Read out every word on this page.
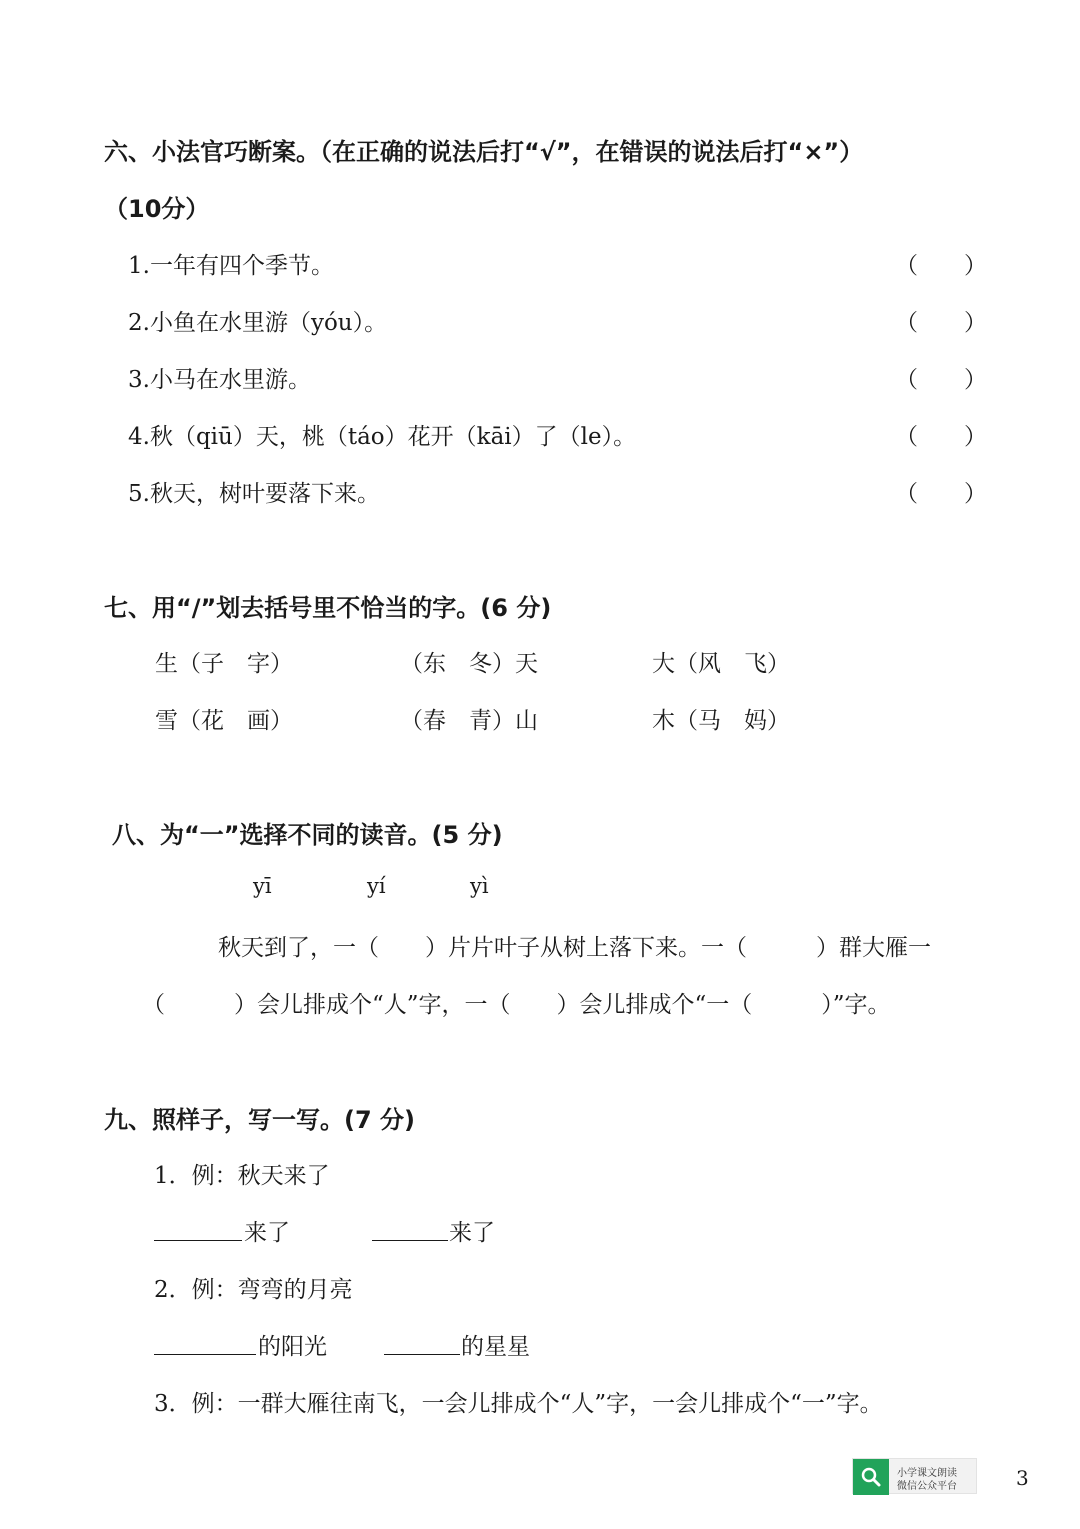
六、小法官巧断案。（在正确的说法后打“√”，在错误的说法后打“×”）
（10分）
1.一年有四个季节。	（　　）
2.小鱼在水里游（yóu）。	（　　）
3.小马在水里游。	（　　）
4.秋（qiū）天，桃（táo）花开（kāi）了（le）。	（　　）
5.秋天，树叶要落下来。	（　　）
七、用“/”划去括号里不恰当的字。(6 分)
生（子　字）	（东　冬）天	大（风　飞）
雪（花　画）	（春　青）山	木（马　妈）
八、为“一”选择不同的读音。(5 分)
yī	yí	yì
秋天到了，一（　　）片片叶子从树上落下来。一（　　　）群大雁一
（　　　）会儿排成个“人”字，一（　　）会儿排成个“一（　　　）”字。
九、照样子，写一写。(7 分)
1．例：秋天来了
来了	来了
2．例：弯弯的月亮
的阳光	的星星
3．例：一群大雁往南飞，一会儿排成个“人”字，一会儿排成个“一”字。
小学课文朗读
微信公众平台	3
